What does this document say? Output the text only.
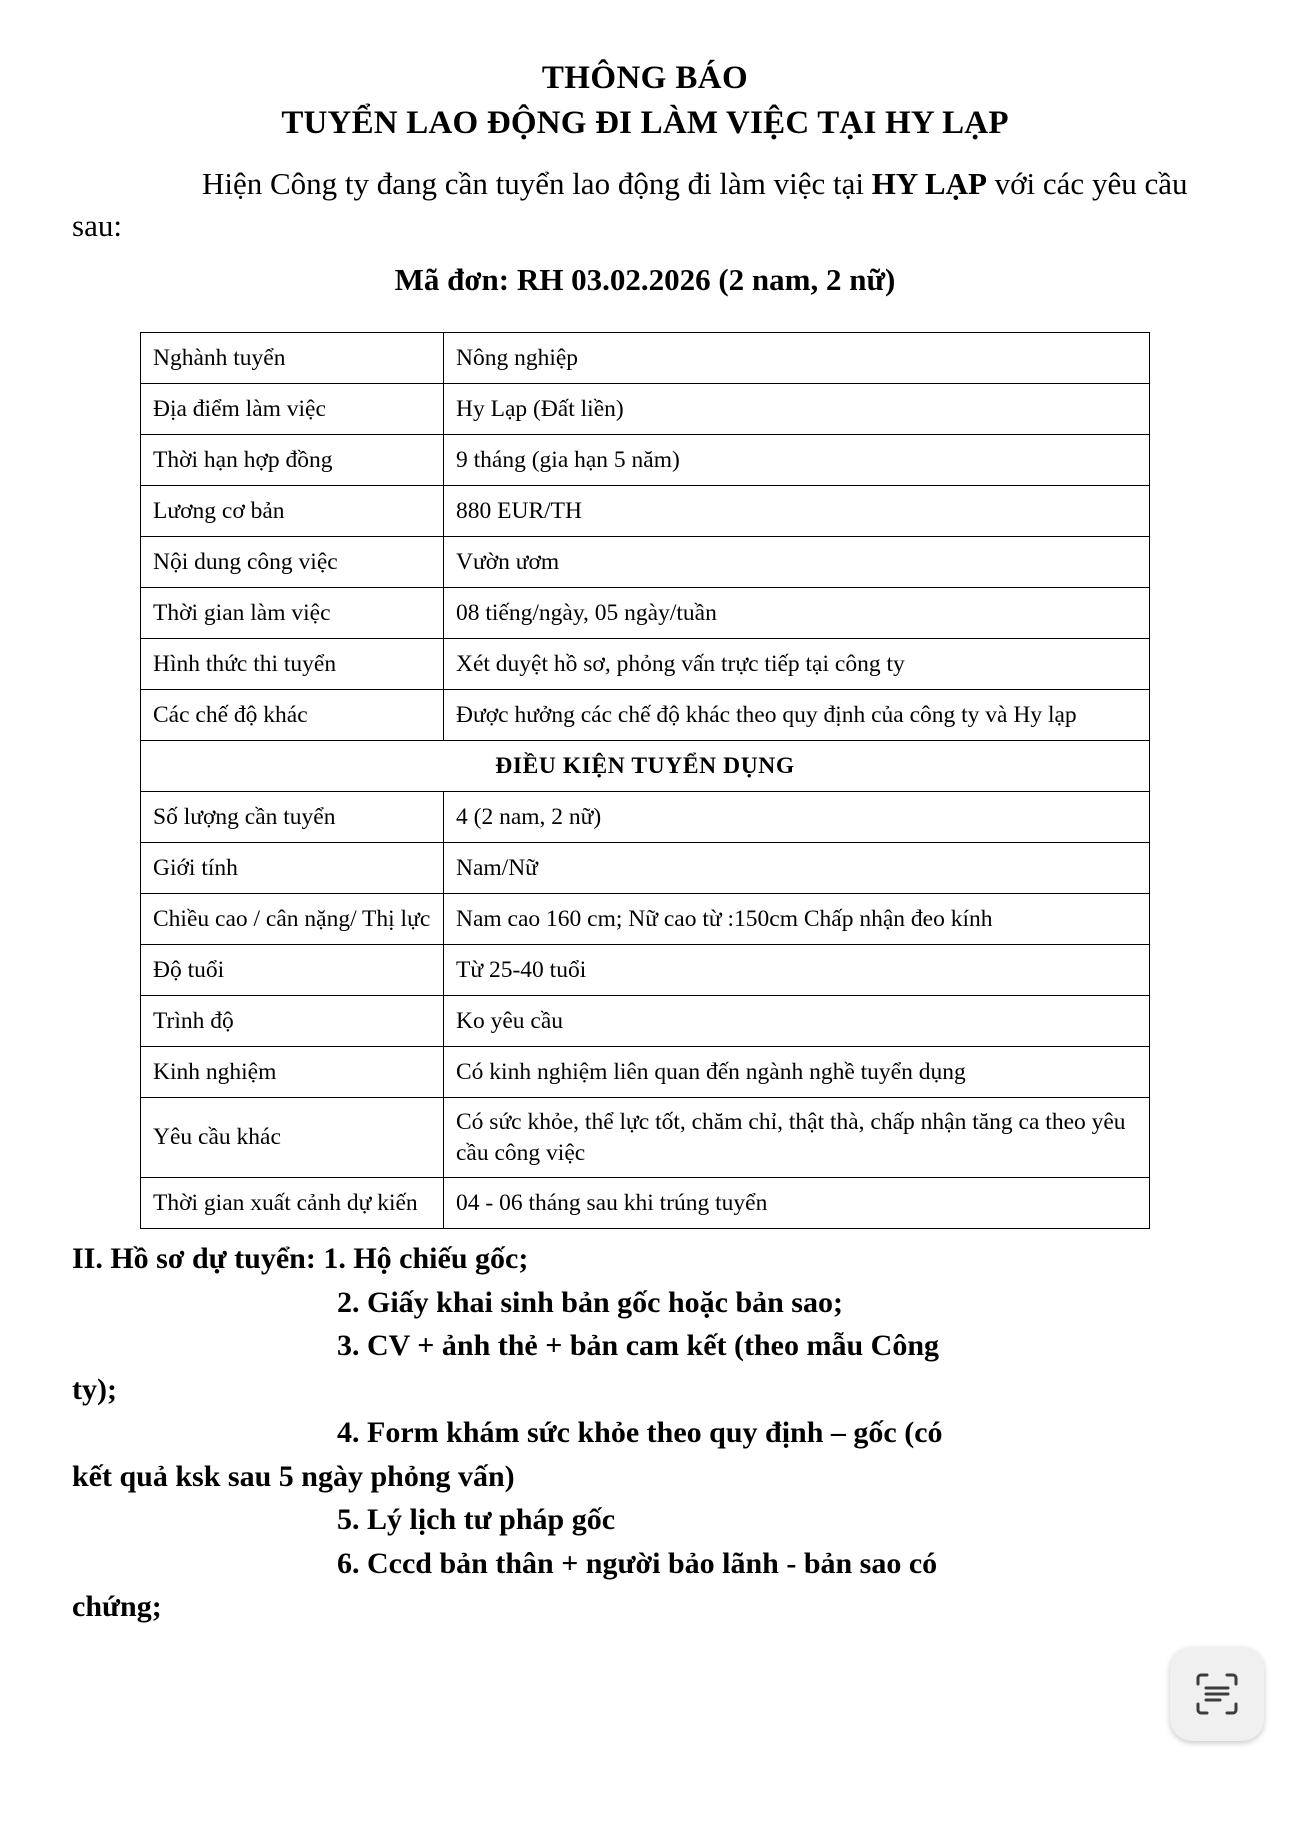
THÔNG BÁO
TUYỂN LAO ĐỘNG ĐI LÀM VIỆC TẠI HY LẠP

Hiện Công ty đang cần tuyển lao động đi làm việc tại HY LẠP với các yêu cầu sau:

Mã đơn: RH 03.02.2026 (2 nam, 2 nữ)
Nghành tuyển	Nông nghiệp
Địa điểm làm việc	Hy Lạp (Đất liền)
Thời hạn hợp đồng	9 tháng (gia hạn 5 năm)
Lương cơ bản	880 EUR/TH
Nội dung công việc	Vườn ươm
Thời gian làm việc	08 tiếng/ngày, 05 ngày/tuần
Hình thức thi tuyển	Xét duyệt hồ sơ, phỏng vấn trực tiếp tại công ty
Các chế độ khác	Được hưởng các chế độ khác theo quy định của công ty và Hy lạp
ĐIỀU KIỆN TUYỂN DỤNG	
Số lượng cần tuyển	4 (2 nam, 2 nữ)
Giới tính	Nam/Nữ
Chiều cao / cân nặng/ Thị lực	Nam cao 160 cm; Nữ cao từ :150cm Chấp nhận đeo kính
Độ tuổi	Từ 25-40 tuổi
Trình độ	Ko yêu cầu
Kinh nghiệm	Có kinh nghiệm liên quan đến ngành nghề tuyển dụng
Yêu cầu khác	Có sức khỏe, thể lực tốt, chăm chỉ, thật thà, chấp nhận tăng ca theo yêu cầu công việc
Thời gian xuất cảnh dự kiến	04 - 06 tháng sau khi trúng tuyển
II. Hồ sơ dự tuyển: 1. Hộ chiếu gốc;
2. Giấy khai sinh bản gốc hoặc bản sao;
3. CV + ảnh thẻ + bản cam kết (theo mẫu Công
ty);
4. Form khám sức khỏe theo quy định – gốc (có
kết quả ksk sau 5 ngày phỏng vấn)
5. Lý lịch tư pháp gốc
6. Cccd bản thân + người bảo lãnh - bản sao có
chứng;
